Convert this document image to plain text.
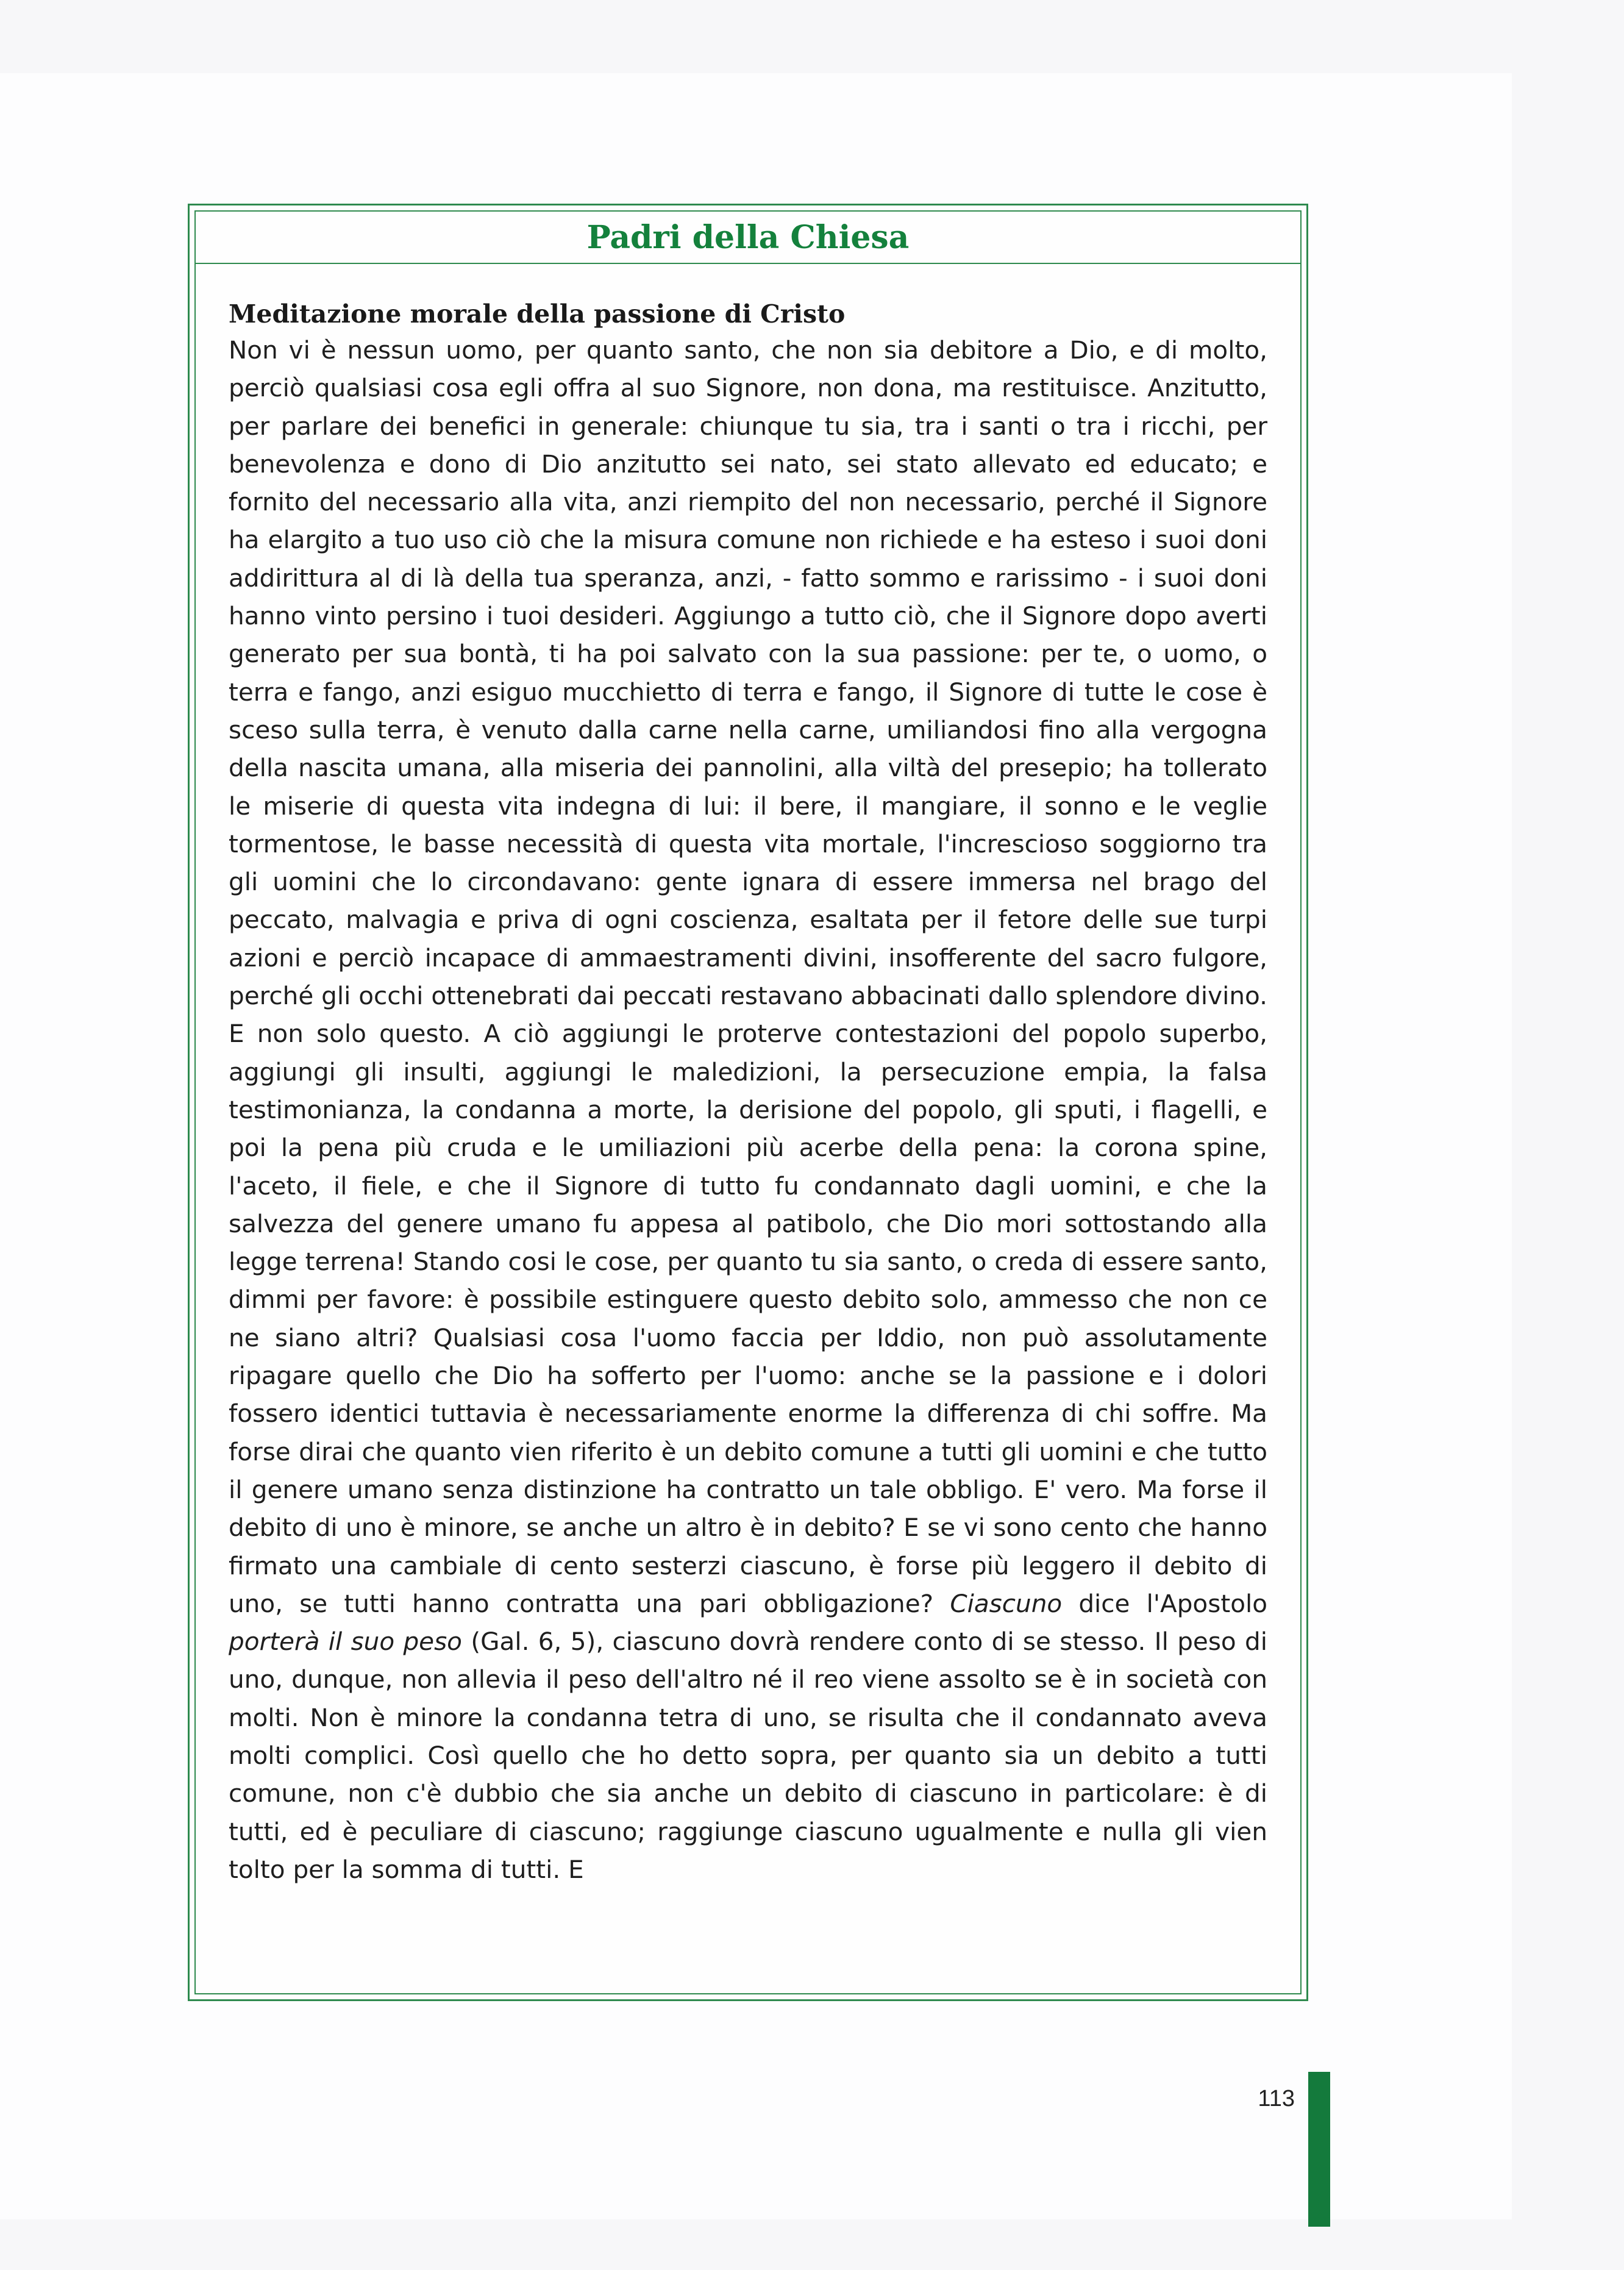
Padri della Chiesa
Meditazione morale della passione di Cristo

Non vi è nessun uomo, per quanto santo, che non sia debitore a Dio, e di molto, perciò qualsiasi cosa egli offra al suo Signore, non dona, ma restituisce. Anzitutto, per parlare dei benefici in generale: chiunque tu sia, tra i santi o tra i ricchi, per benevolenza e dono di Dio anzitutto sei nato, sei stato allevato ed educato; e fornito del necessario alla vita, anzi riempito del non necessario, perché il Signore ha elargito a tuo uso ciò che la misura comune non richiede e ha esteso i suoi doni addirittura al di là della tua speranza, anzi, - fatto sommo e rarissimo - i suoi doni hanno vinto persino i tuoi desideri. Aggiungo a tutto ciò, che il Signore dopo averti generato per sua bontà, ti ha poi salvato con la sua passione: per te, o uomo, o terra e fango, anzi esiguo mucchietto di terra e fango, il Signore di tutte le cose è sceso sulla terra, è venuto dalla carne nella carne, umiliandosi fino alla vergogna della nascita umana, alla miseria dei pannolini, alla viltà del presepio; ha tollerato le miserie di questa vita indegna di lui: il bere, il mangiare, il sonno e le veglie tormentose, le basse necessità di questa vita mortale, l'increscioso soggiorno tra gli uomini che lo circondavano: gente ignara di essere immersa nel brago del peccato, malvagia e priva di ogni coscienza, esaltata per il fetore delle sue turpi azioni e perciò incapace di ammaestramenti divini, insofferente del sacro fulgore, perché gli occhi ottenebrati dai peccati restavano abbacinati dallo splendore divino. E non solo questo. A ciò aggiungi le proterve contestazioni del popolo superbo, aggiungi gli insulti, aggiungi le maledizioni, la persecuzione empia, la falsa testimonianza, la condanna a morte, la derisione del popolo, gli sputi, i flagelli, e poi la pena più cruda e le umiliazioni più acerbe della pena: la corona spine, l'aceto, il fiele, e che il Signore di tutto fu condannato dagli uomini, e che la salvezza del genere umano fu appesa al patibolo, che Dio mori sottostando alla legge terrena! Stando cosi le cose, per quanto tu sia santo, o creda di essere santo, dimmi per favore: è possibile estinguere questo debito solo, ammesso che non ce ne siano altri? Qualsiasi cosa l'uomo faccia per Iddio, non può assolutamente ripagare quello che Dio ha sofferto per l'uomo: anche se la passione e i dolori fossero identici tuttavia è necessariamente enorme la differenza di chi soffre. Ma forse dirai che quanto vien riferito è un debito comune a tutti gli uomini e che tutto il genere umano senza distinzione ha contratto un tale obbligo. E' vero. Ma forse il debito di uno è minore, se anche un altro è in debito? E se vi sono cento che hanno firmato una cambiale di cento sesterzi ciascuno, è forse più leggero il debito di uno, se tutti hanno contratta una pari obbligazione? Ciascuno dice l'Apostolo porterà il suo peso (Gal. 6, 5), ciascuno dovrà rendere conto di se stesso. Il peso di uno, dunque, non allevia il peso dell'altro né il reo viene assolto se è in società con molti. Non è minore la condanna tetra di uno, se risulta che il condannato aveva molti complici. Così quello che ho detto sopra, per quanto sia un debito a tutti comune, non c'è dubbio che sia anche un debito di ciascuno in particolare: è di tutti, ed è peculiare di ciascuno; raggiunge ciascuno ugualmente e nulla gli vien tolto per la somma di tutti. E

113
